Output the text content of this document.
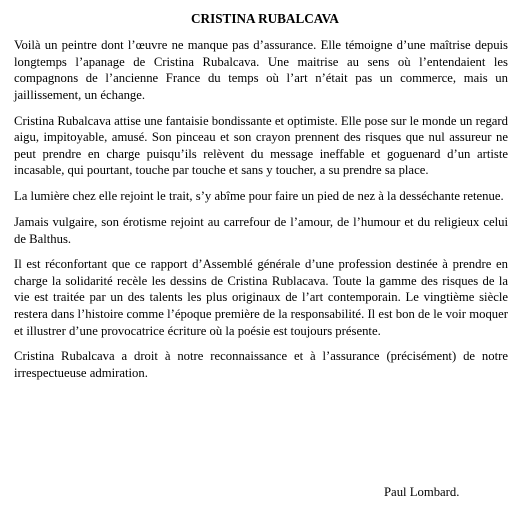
CRISTINA RUBALCAVA

Voilà un peintre dont l’œuvre ne manque pas d’assurance. Elle témoigne d’une maîtrise depuis longtemps l’apanage de Cristina Rubalcava. Une maitrise au sens où l’entendaient les compagnons de l’ancienne France du temps où l’art n’était pas un commerce, mais un jaillissement, un échange.

Cristina Rubalcava attise une fantaisie bondissante et optimiste. Elle pose sur le monde un regard aigu, impitoyable, amusé. Son pinceau et son crayon prennent des risques que nul assureur ne peut prendre en charge puisqu’ils relèvent du message ineffable et goguenard d’un artiste incasable, qui pourtant, touche par touche et sans y toucher, a su prendre sa place.

La lumière chez elle rejoint le trait, s’y abîme pour faire un pied de nez à la desséchante retenue.

Jamais vulgaire, son érotisme rejoint au carrefour de l’amour, de l’humour et du religieux celui de Balthus.

Il est réconfortant que ce rapport d’Assemblé générale d’une profession destinée à prendre en charge la solidarité recèle les dessins de Cristina Rublacava. Toute la gamme des risques de la vie est traitée par un des talents les plus originaux de l’art contemporain. Le vingtième siècle restera dans l’histoire comme l’époque première de la responsabilité. Il est bon de le voir moquer et illustrer d’une provocatrice écriture où la poésie est toujours présente.

Cristina Rubalcava a droit à notre reconnaissance et à l’assurance (précisément) de notre irrespectueuse admiration.

Paul Lombard.
